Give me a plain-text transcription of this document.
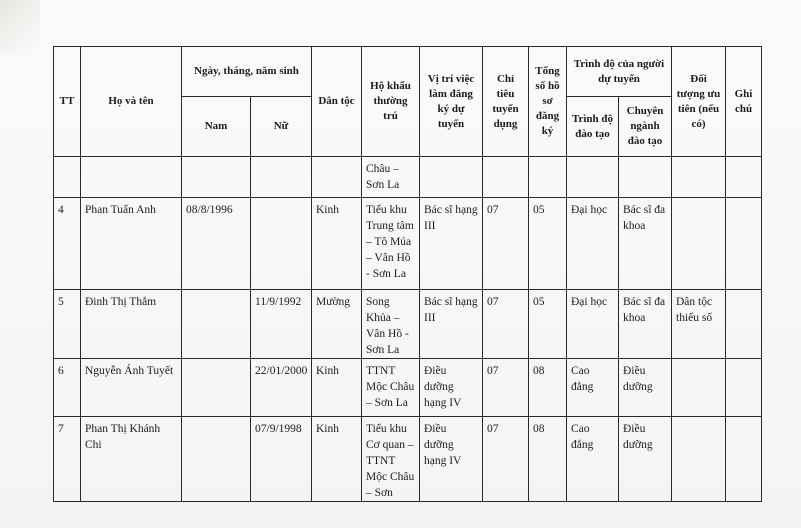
TT	Họ và tên	Ngày, tháng, năm sinh		Dân tộc	Hộ khẩu thường trú	Vị trí việc làm đăng ký dự tuyển	Chỉ tiêu tuyển dụng	Tổng số hồ sơ đăng ký	Trình độ của người dự tuyển		Đối tượng ưu tiên (nếu có)	Ghi chú
		Nam	Nữ						Trình độ đào tạo	Chuyên ngành đào tạo		
					Châu – Sơn La							
4	Phan Tuấn Anh	08/8/1996		Kinh	Tiểu khu Trung tâm – Tô Múa – Vân Hồ - Sơn La	Bác sĩ hạng III	07	05	Đại học	Bác sĩ đa khoa		
5	Đinh Thị Thắm		11/9/1992	Mường	Song Khủa – Vân Hồ - Sơn La	Bác sĩ hạng III	07	05	Đại học	Bác sĩ đa khoa	Dân tộc thiểu số	
6	Nguyễn Ánh Tuyết		22/01/2000	Kinh	TTNT Mộc Châu – Sơn La	Điều dưỡng hạng IV	07	08	Cao đẳng	Điều dưỡng		
7	Phan Thị Khánh Chi		07/9/1998	Kinh	Tiểu khu Cơ quan – TTNT Mộc Châu – Sơn	Điều dưỡng hạng IV	07	08	Cao đẳng	Điều dưỡng		
